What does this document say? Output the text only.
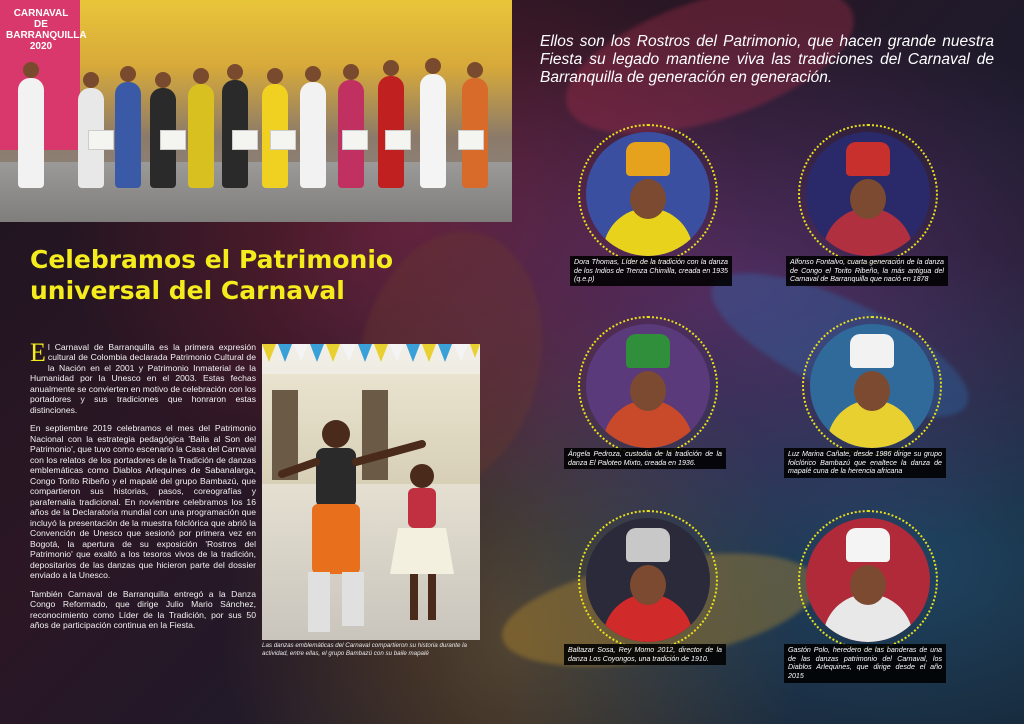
CARNAVAL DE BARRANQUILLA 2020	Ellos son los Rostros del Patrimonio, que hacen grande nuestra Fiesta su legado mantiene viva las tradiciones del Carnaval de Barranquilla de generación en generación.
Celebramos el Patrimonio universal del Carnaval

El Carnaval de Barranquilla es la primera expresión cultural de Colombia declarada Patrimonio Cultural de la Nación en el 2001 y Patrimonio Inmaterial de la Humanidad por la Unesco en el 2003. Estas fechas anualmente se convierten en motivo de celebración con los portadores y sus tradiciones que honraron estas distinciones.

En septiembre 2019 celebramos el mes del Patrimonio Nacional con la estrategia pedagógica 'Baila al Son del Patrimonio', que tuvo como escenario la Casa del Carnaval con los relatos de los portadores de la Tradición de danzas emblemáticas como Diablos Arlequines de Sabanalarga, Congo Torito Ribeño y el mapalé del grupo Bambazú, que compartieron sus historias, pasos, coreografías y parafernalia tradicional. En noviembre celebramos los 16 años de la Declaratoria mundial con una programación que incluyó la presentación de la muestra folclórica que abrió la Convención de Unesco que sesionó por primera vez en Bogotá, la apertura de su exposición 'Rostros del Patrimonio' que exaltó a los tesoros vivos de la tradición, depositarios de las danzas que hicieron parte del dossier enviado a la Unesco.

También Carnaval de Barranquilla entregó a la Danza Congo Reformado, que dirige Julio Mario Sánchez, reconocimiento como Líder de la Tradición, por sus 50 años de participación continua en la Fiesta.

Las danzas emblemáticas del Carnaval compartieron su historia durante la actividad, entre ellas, el grupo Bambazú con su baile mapalé
Dora Thomas, Líder de la tradición con la danza de los Indios de Trenza Chimilla, creada en 1935 (q.e.p)
Alfonso Fontalvo, cuarta generación de la danza de Congo el Torito Ribeño, la más antigua del Carnaval de Barranquilla que nació en 1878
Ángela Pedroza, custodia de la tradición de la danza El Paloteo Mixto, creada en 1936.
Luz Marina Cañate, desde 1986 dirige su grupo folclórico Bambazú que enaltece la danza de mapalé cuna de la herencia africana
Baltazar Sosa, Rey Momo 2012, director de la danza Los Coyongos, una tradición de 1910.
Gastón Polo, heredero de las banderas de una de las danzas patrimonio del Carnaval, los Diablos Arlequines, que dirige desde el año 2015
